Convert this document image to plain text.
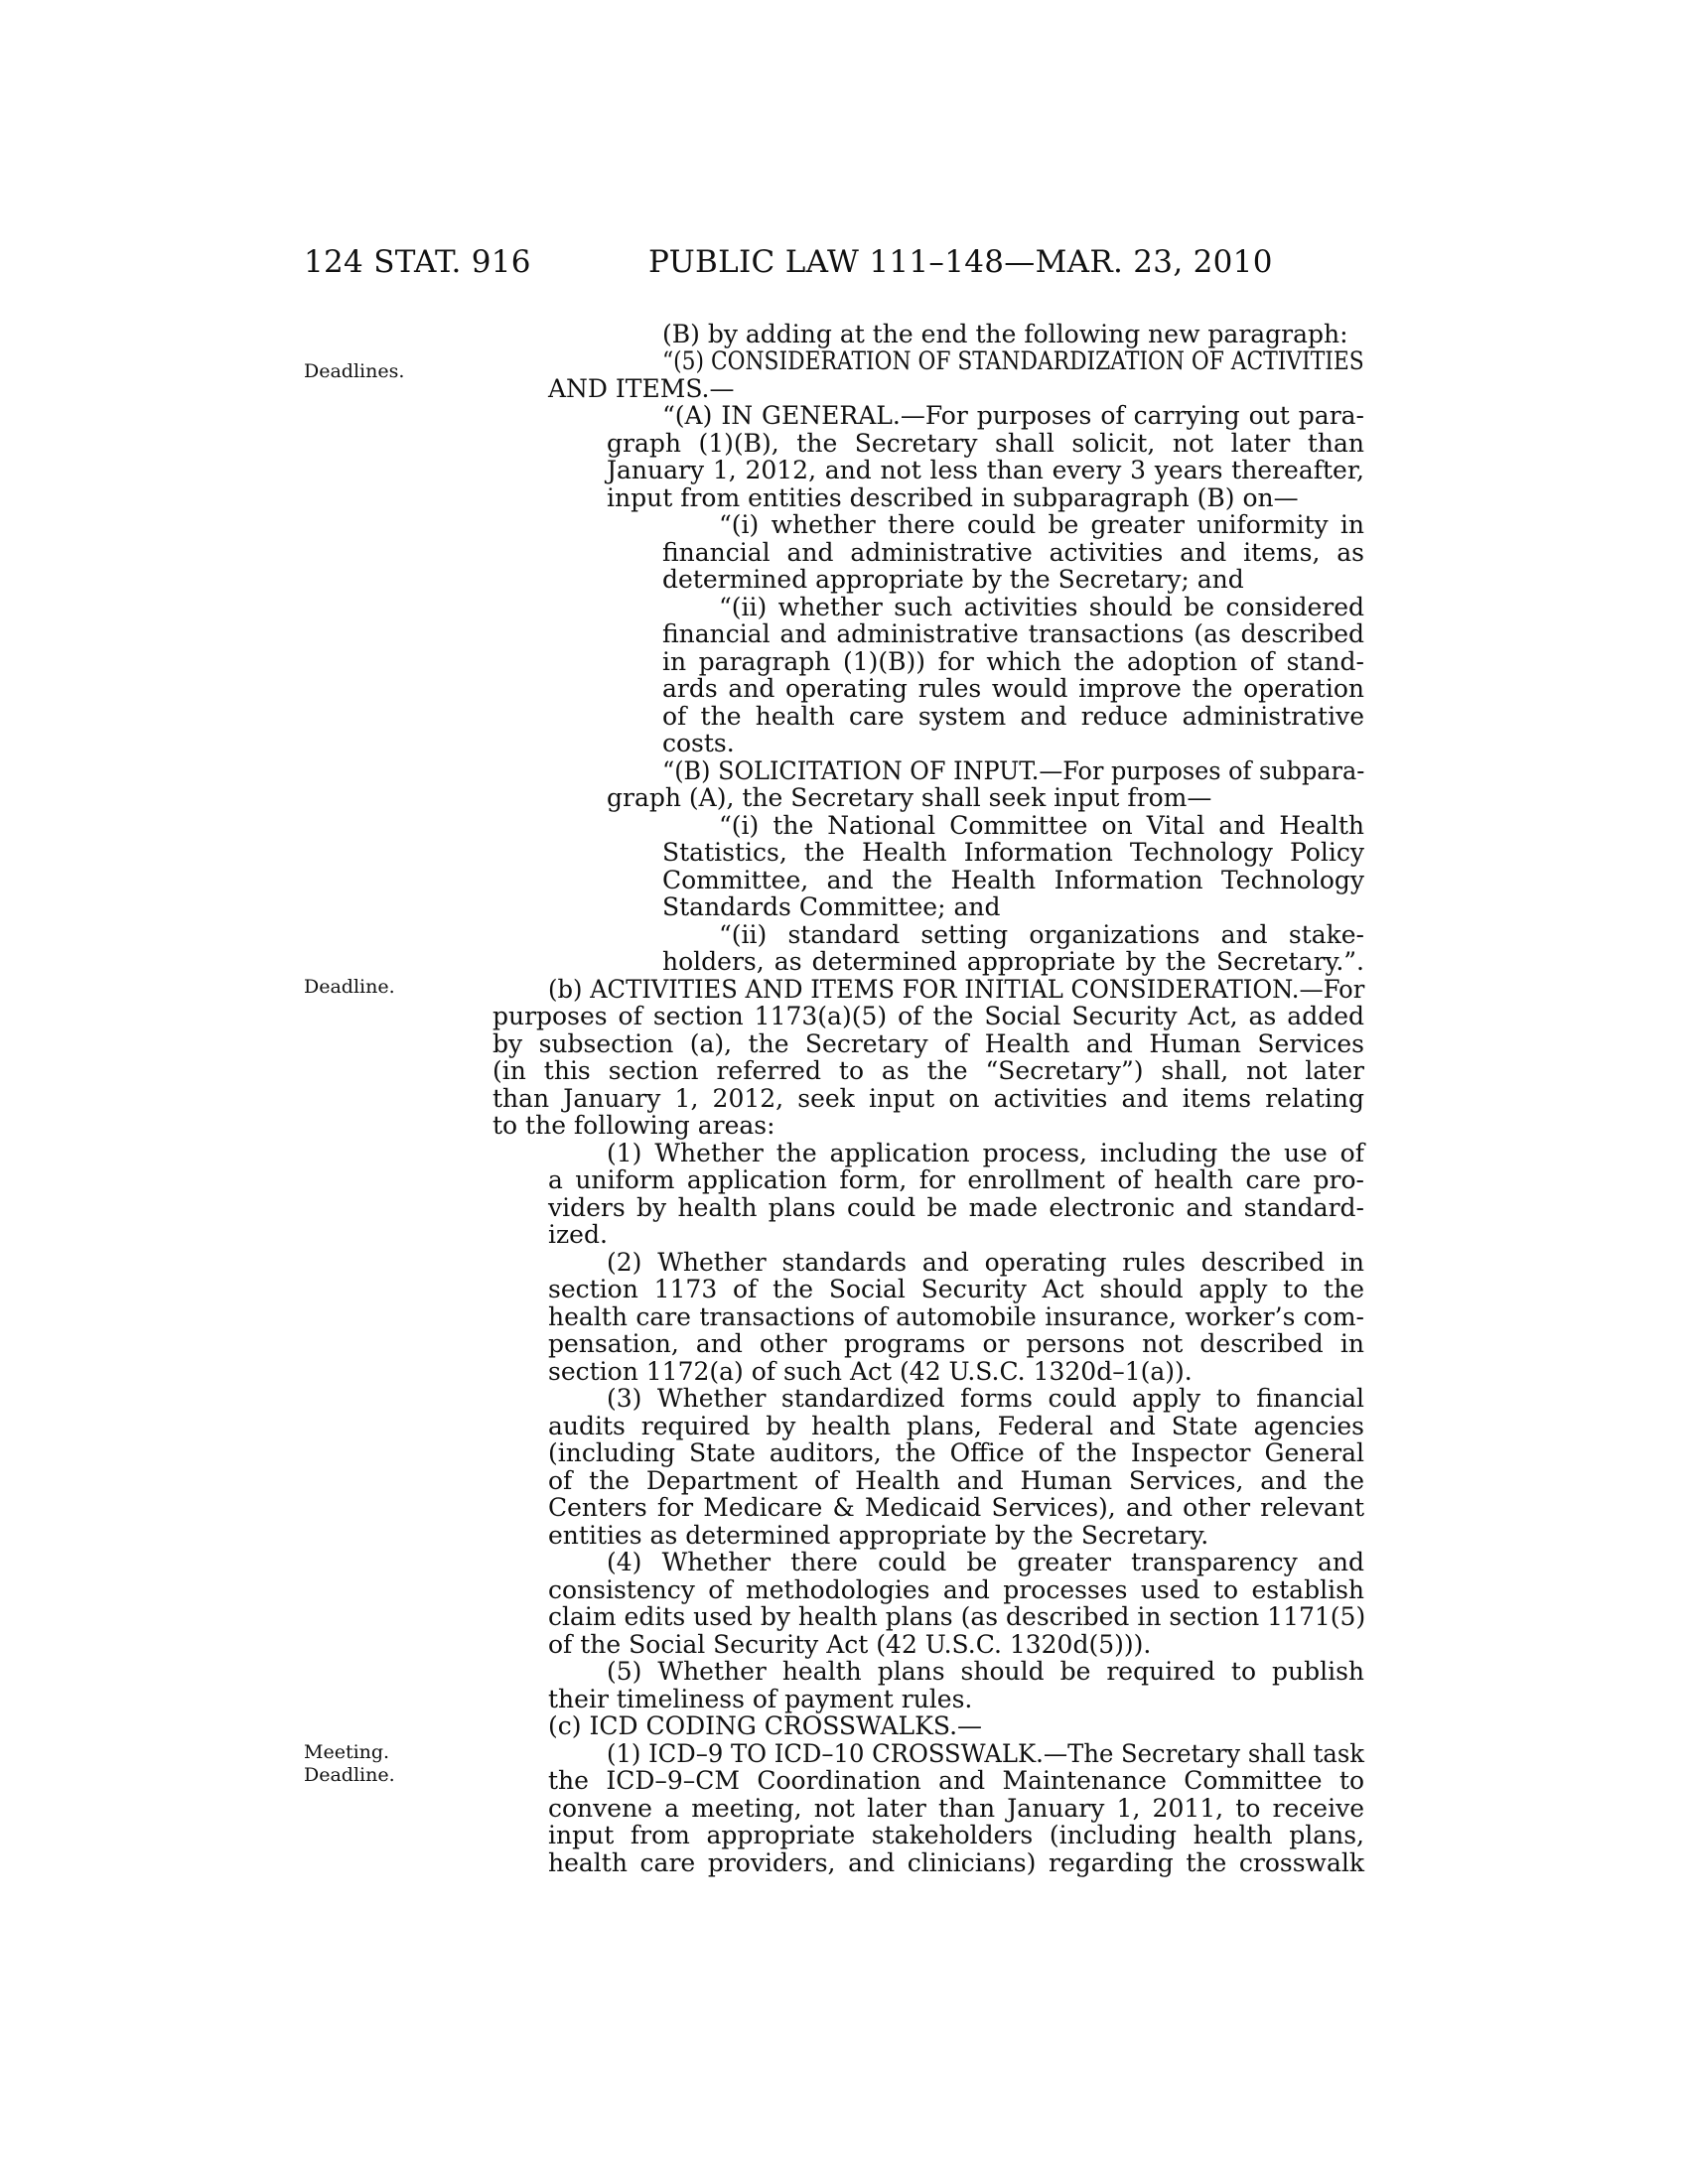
124 STAT. 916	PUBLIC LAW 111–148—MAR. 23, 2010
Deadlines.
Deadline.
Meeting.
Deadline.
(B) by adding at the end the following new paragraph:
“(5) CONSIDERATION OF STANDARDIZATION OF ACTIVITIES
AND ITEMS.—
“(A) IN GENERAL.—For purposes of carrying out para-
graph (1)(B), the Secretary shall solicit, not later than
January 1, 2012, and not less than every 3 years thereafter,
input from entities described in subparagraph (B) on—
“(i) whether there could be greater uniformity in
financial and administrative activities and items, as
determined appropriate by the Secretary; and
“(ii) whether such activities should be considered
financial and administrative transactions (as described
in paragraph (1)(B)) for which the adoption of stand-
ards and operating rules would improve the operation
of the health care system and reduce administrative
costs.
“(B) SOLICITATION OF INPUT.—For purposes of subpara-
graph (A), the Secretary shall seek input from—
“(i) the National Committee on Vital and Health
Statistics, the Health Information Technology Policy
Committee, and the Health Information Technology
Standards Committee; and
“(ii) standard setting organizations and stake-
holders, as determined appropriate by the Secretary.”.
(b) ACTIVITIES AND ITEMS FOR INITIAL CONSIDERATION.—For
purposes of section 1173(a)(5) of the Social Security Act, as added
by subsection (a), the Secretary of Health and Human Services
(in this section referred to as the “Secretary”) shall, not later
than January 1, 2012, seek input on activities and items relating
to the following areas:
(1) Whether the application process, including the use of
a uniform application form, for enrollment of health care pro-
viders by health plans could be made electronic and standard-
ized.
(2) Whether standards and operating rules described in
section 1173 of the Social Security Act should apply to the
health care transactions of automobile insurance, worker’s com-
pensation, and other programs or persons not described in
section 1172(a) of such Act (42 U.S.C. 1320d–1(a)).
(3) Whether standardized forms could apply to financial
audits required by health plans, Federal and State agencies
(including State auditors, the Office of the Inspector General
of the Department of Health and Human Services, and the
Centers for Medicare & Medicaid Services), and other relevant
entities as determined appropriate by the Secretary.
(4) Whether there could be greater transparency and
consistency of methodologies and processes used to establish
claim edits used by health plans (as described in section 1171(5)
of the Social Security Act (42 U.S.C. 1320d(5))).
(5) Whether health plans should be required to publish
their timeliness of payment rules.
(c) ICD CODING CROSSWALKS.—
(1) ICD–9 TO ICD–10 CROSSWALK.—The Secretary shall task
the ICD–9–CM Coordination and Maintenance Committee to
convene a meeting, not later than January 1, 2011, to receive
input from appropriate stakeholders (including health plans,
health care providers, and clinicians) regarding the crosswalk
